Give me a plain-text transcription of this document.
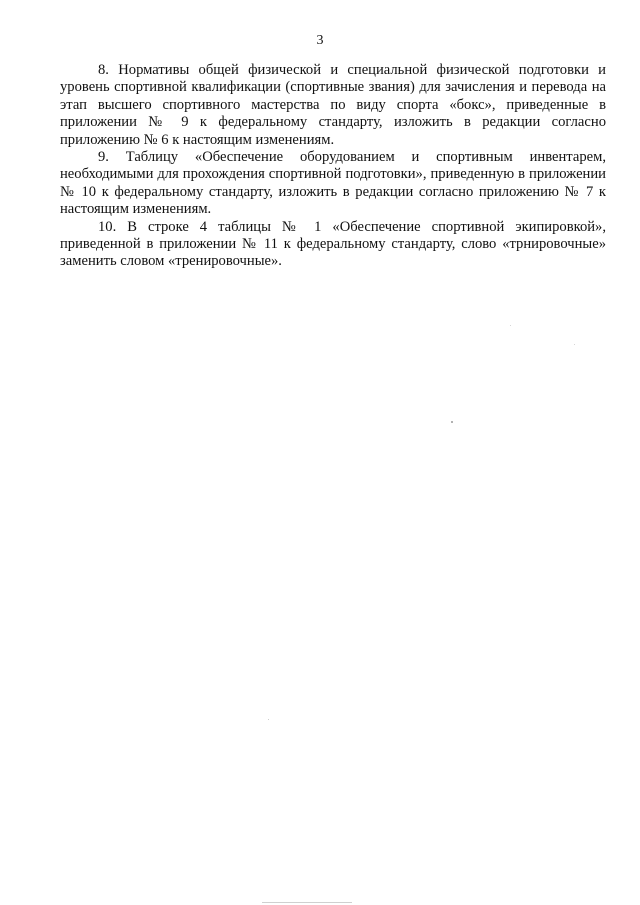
3

8. Нормативы общей физической и специальной физической подготовки и уровень спортивной квалификации (спортивные звания) для зачисления и перевода на этап высшего спортивного мастерства по виду спорта «бокс», приведенные в приложении № 9 к федеральному стандарту, изложить в редакции согласно приложению № 6 к настоящим изменениям.

9. Таблицу «Обеспечение оборудованием и спортивным инвентарем, необходимыми для прохождения спортивной подготовки», приведенную в приложении № 10 к федеральному стандарту, изложить в редакции согласно приложению № 7 к настоящим изменениям.

10. В строке 4 таблицы № 1 «Обеспечение спортивной экипировкой», приведенной в приложении № 11 к федеральному стандарту, слово «трнировочные» заменить словом «тренировочные».
